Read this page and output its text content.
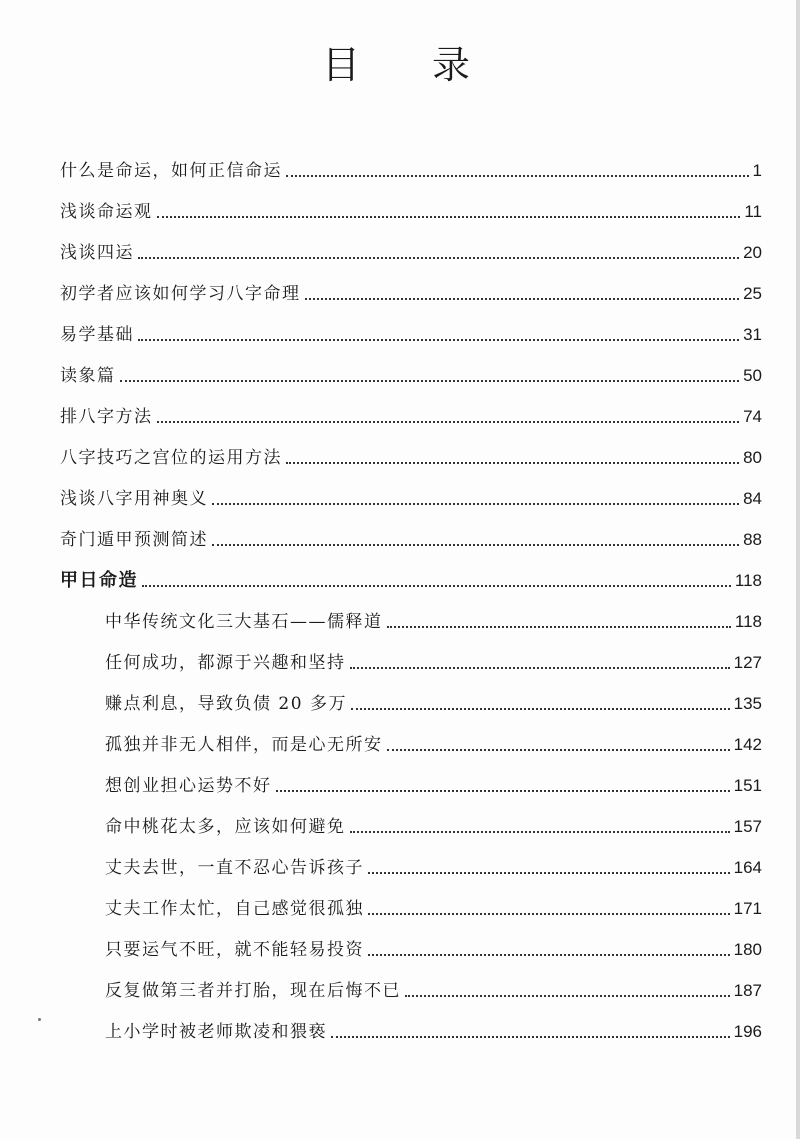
目 录
什么是命运，如何正信命运	1
浅谈命运观	11
浅谈四运	20
初学者应该如何学习八字命理	25
易学基础	31
读象篇	50
排八字方法	74
八字技巧之宫位的运用方法	80
浅谈八字用神奥义	84
奇门遁甲预测简述	88
甲日命造	118
中华传统文化三大基石——儒释道	118
任何成功，都源于兴趣和坚持	127
赚点利息，导致负债 20 多万	135
孤独并非无人相伴，而是心无所安	142
想创业担心运势不好	151
命中桃花太多，应该如何避免	157
丈夫去世，一直不忍心告诉孩子	164
丈夫工作太忙，自己感觉很孤独	171
只要运气不旺，就不能轻易投资	180
反复做第三者并打胎，现在后悔不已	187
上小学时被老师欺凌和猥亵	196
